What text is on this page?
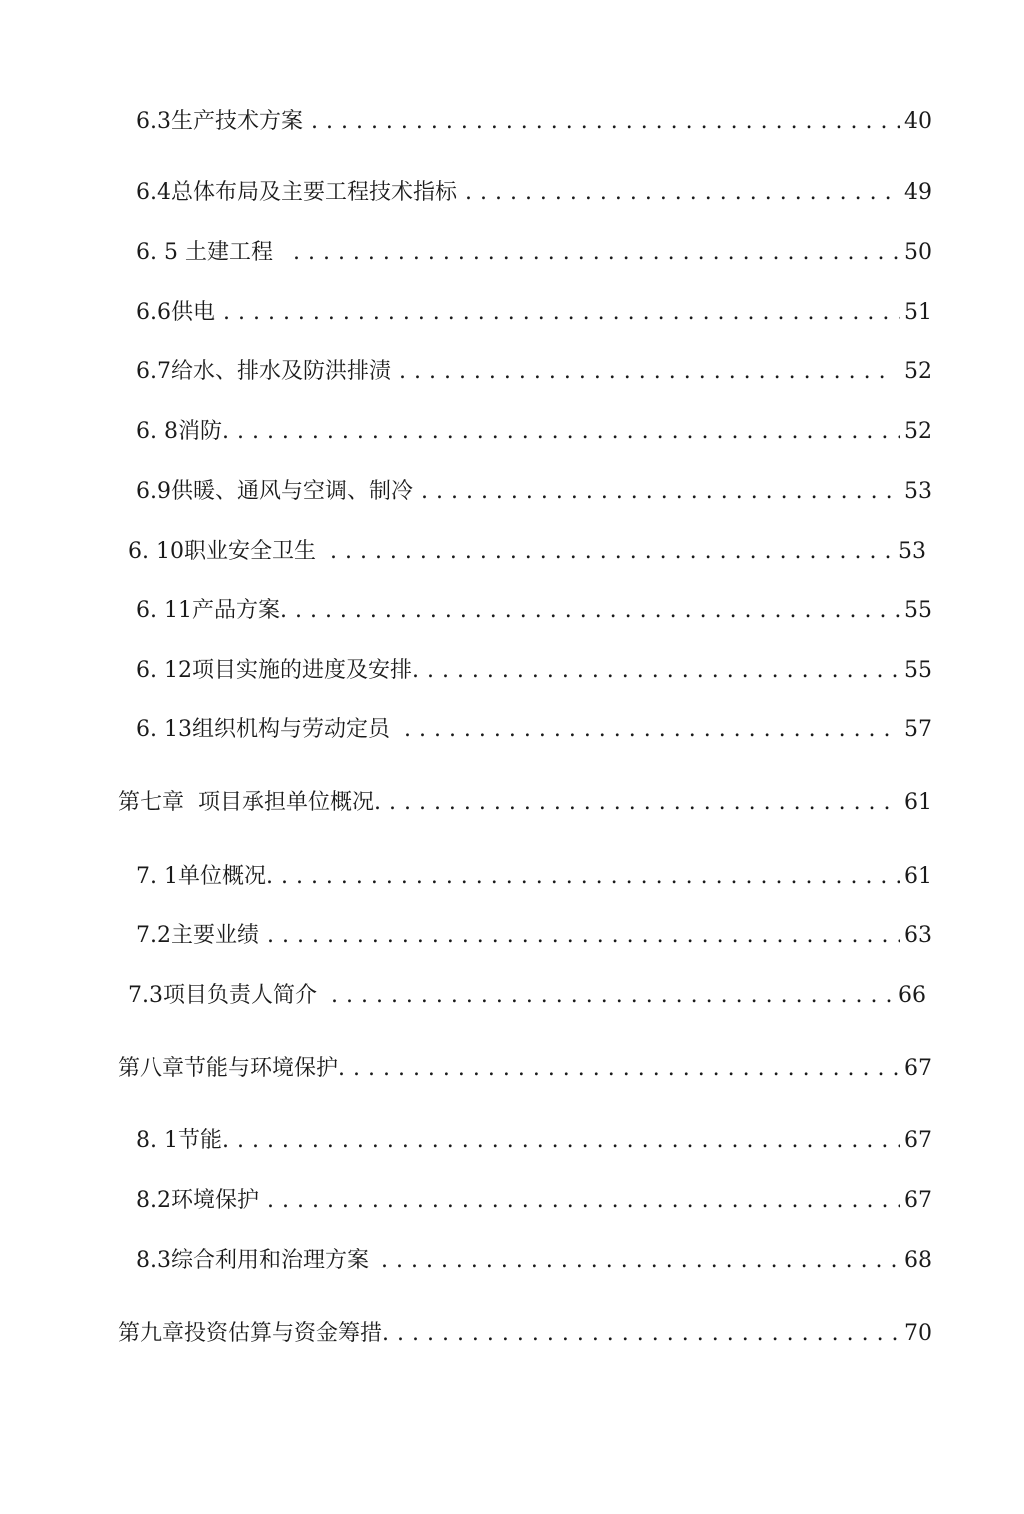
6.3生产技术方案 . . .	40
6.4总体布局及主要工程技术指标 . . .	49
6. 5 土建工程 . . .	50
6.6供电 . . .	51
6.7给水、排水及防洪排渍 . . .	52
6. 8消防 . . .	52
6.9供暖、通风与空调、制冷 . . .	53
6. 10职业安全卫生 . . .	53
6. 11产品方案 . . .	55
6. 12项目实施的进度及安排 . . .	55
6. 13组织机构与劳动定员 . . .	57
第七章  项目承担单位概况 . . .	61
7. 1单位概况 . . .	61
7.2主要业绩 . . .	63
7.3项目负责人简介 . . .	66
第八章节能与环境保护 . . .	67
8. 1节能 . . .	67
8.2环境保护 . . .	67
8.3综合利用和治理方案 . . .	68
第九章投资估算与资金筹措 . . .	70
